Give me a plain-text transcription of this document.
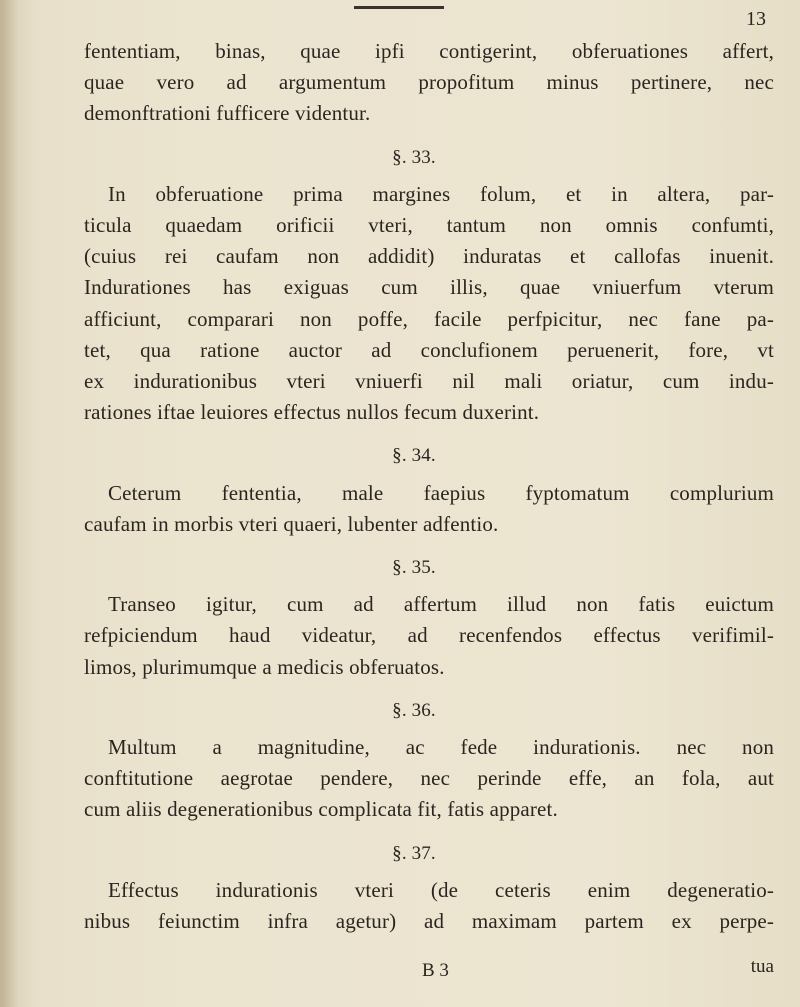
13
fententiam, binas, quae ipfi contigerint, obferuationes affert,
quae vero ad argumentum propofitum minus pertinere, nec
demonftrationi fufficere videntur.
§. 33.
In obferuatione prima margines folum, et in altera, par-
ticula quaedam orificii vteri, tantum non omnis confumti,
(cuius rei caufam non addidit) induratas et callofas inuenit.
Indurationes has exiguas cum illis, quae vniuerfum vterum
afficiunt, comparari non poffe, facile perfpicitur, nec fane pa-
tet, qua ratione auctor ad conclufionem peruenerit, fore, vt
ex indurationibus vteri vniuerfi nil mali oriatur, cum indu-
rationes iftae leuiores effectus nullos fecum duxerint.
§. 34.
Ceterum fententia, male faepius fyptomatum complurium
caufam in morbis vteri quaeri, lubenter adfentio.
§. 35.
Transeo igitur, cum ad affertum illud non fatis euictum
refpiciendum haud videatur, ad recenfendos effectus verifimil-
limos, plurimumque a medicis obferuatos.
§. 36.
Multum a magnitudine, ac fede indurationis. nec non
conftitutione aegrotae pendere, nec perinde effe, an fola, aut
cum aliis degenerationibus complicata fit, fatis apparet.
§. 37.
Effectus indurationis vteri (de ceteris enim degeneratio-
nibus feiunctim infra agetur) ad maximam partem ex perpe-
B 3	tua
